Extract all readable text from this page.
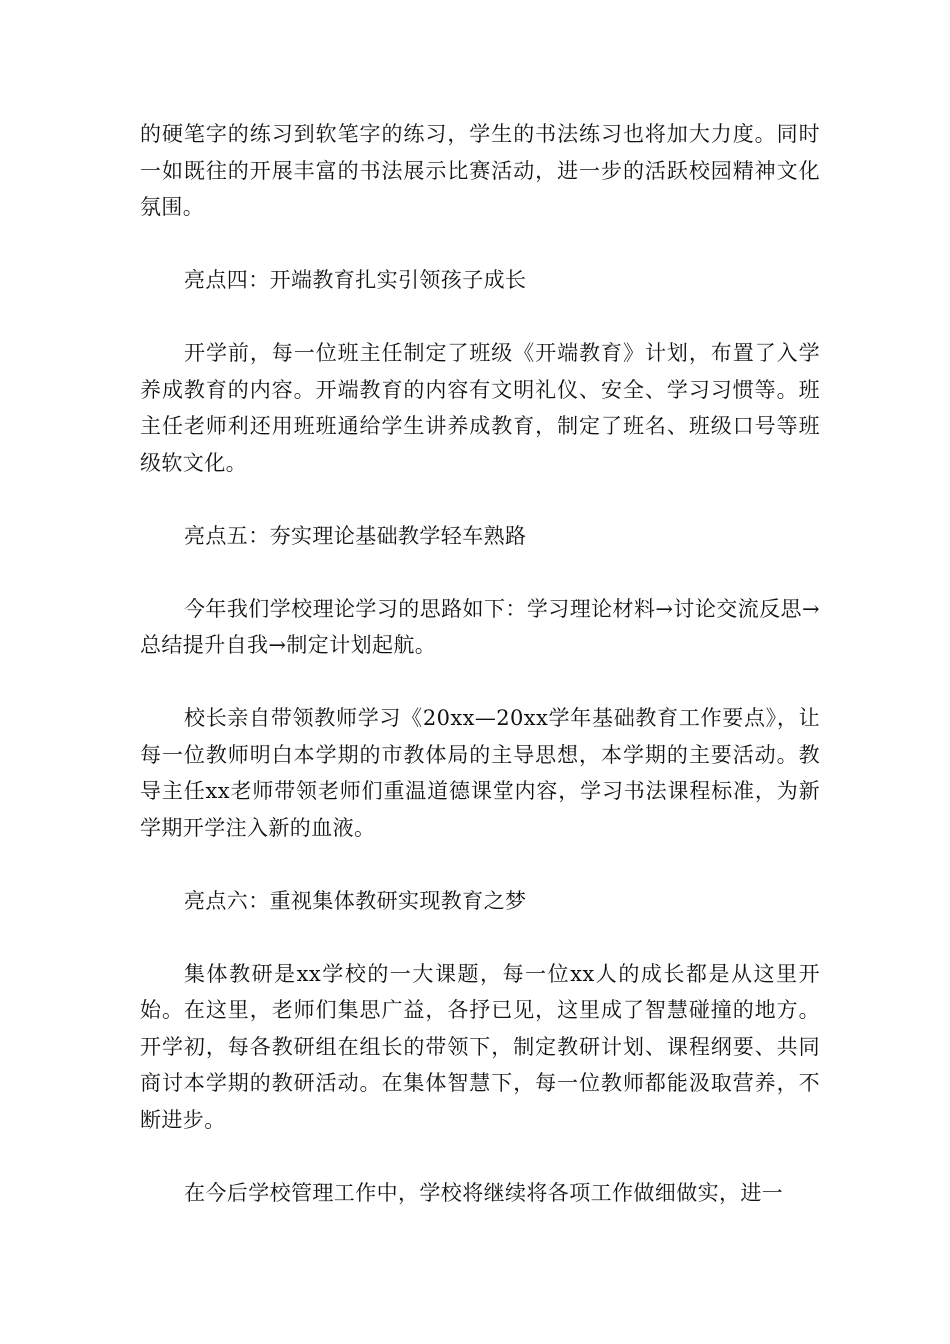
的硬笔字的练习到软笔字的练习，学生的书法练习也将加大力度。同时一如既往的开展丰富的书法展示比赛活动，进一步的活跃校园精神文化氛围。

亮点四：开端教育扎实引领孩子成长

开学前，每一位班主任制定了班级《开端教育》计划，布置了入学养成教育的内容。开端教育的内容有文明礼仪、安全、学习习惯等。班主任老师利还用班班通给学生讲养成教育，制定了班名、班级口号等班级软文化。

亮点五：夯实理论基础教学轻车熟路

今年我们学校理论学习的思路如下：学习理论材料→讨论交流反思→总结提升自我→制定计划起航。

校长亲自带领教师学习《20xx—20xx学年基础教育工作要点》，让每一位教师明白本学期的市教体局的主导思想，本学期的主要活动。教导主任xx老师带领老师们重温道德课堂内容，学习书法课程标准，为新学期开学注入新的血液。

亮点六：重视集体教研实现教育之梦

集体教研是xx学校的一大课题，每一位xx人的成长都是从这里开始。在这里，老师们集思广益，各抒已见，这里成了智慧碰撞的地方。开学初，每各教研组在组长的带领下，制定教研计划、课程纲要、共同商讨本学期的教研活动。在集体智慧下，每一位教师都能汲取营养，不断进步。

在今后学校管理工作中，学校将继续将各项工作做细做实，进一
